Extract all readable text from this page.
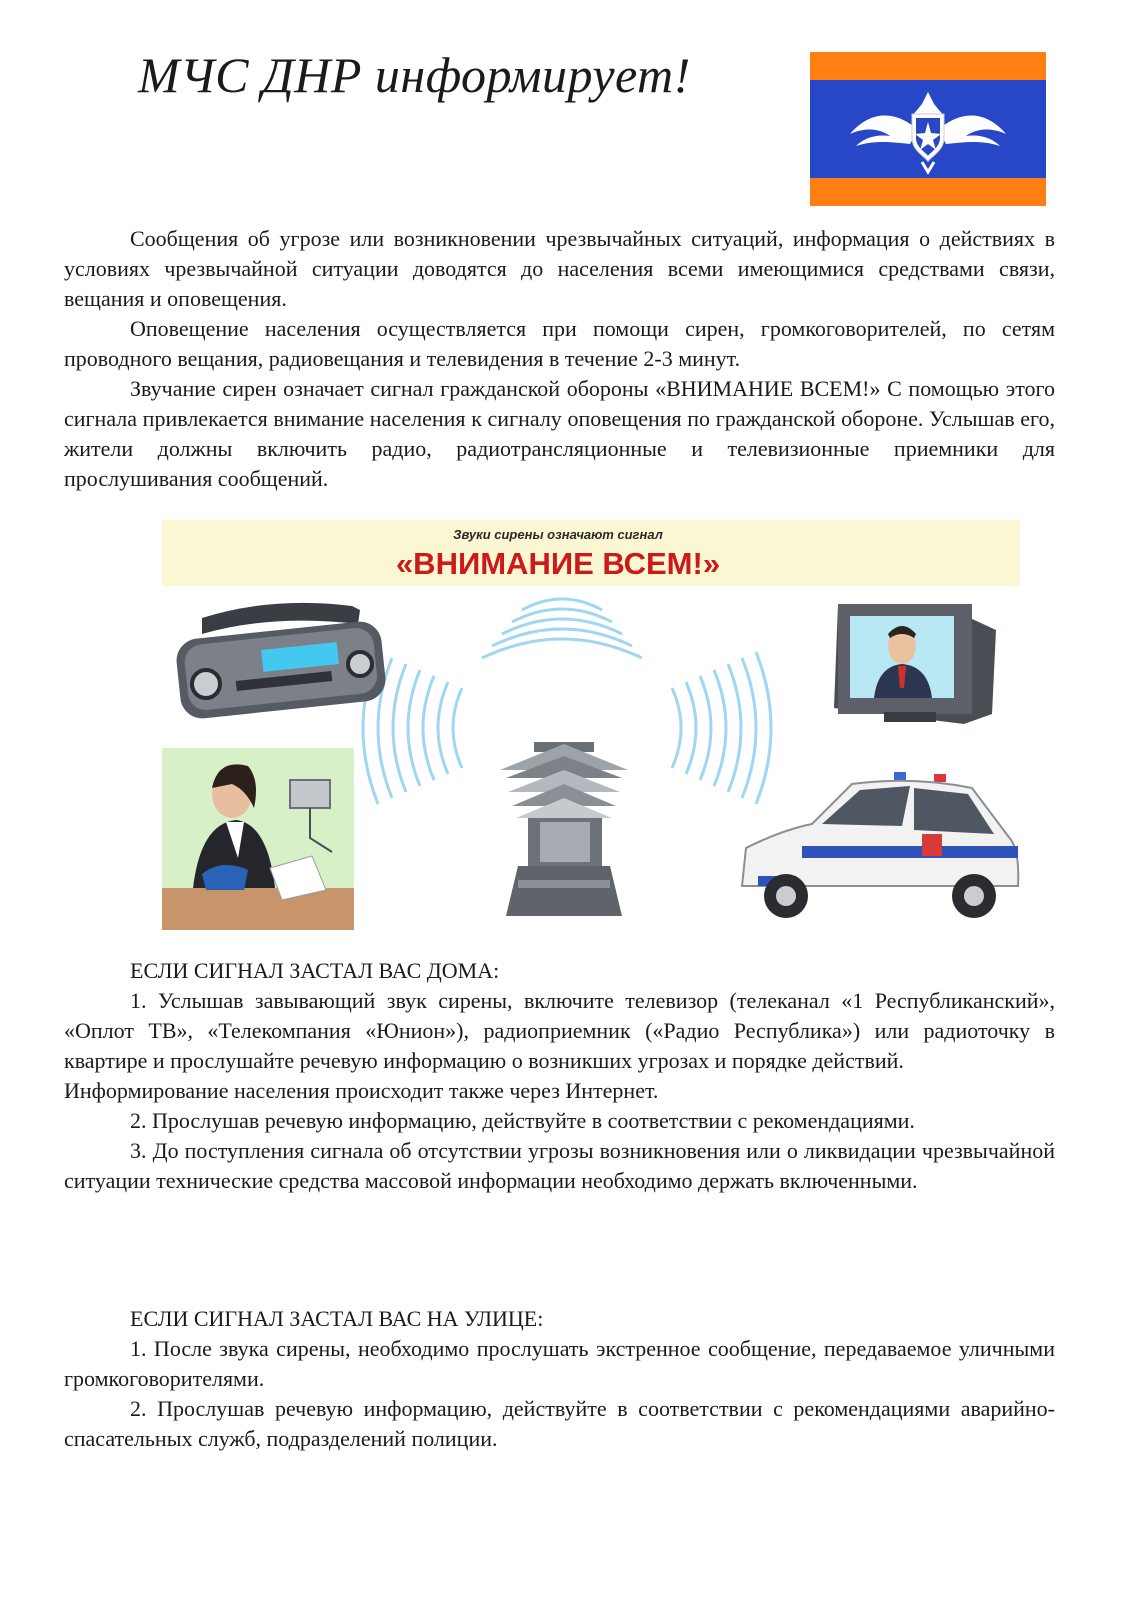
МЧС ДНР информирует!

Сообщения об угрозе или возникновении чрезвычайных ситуаций, информация о действиях в условиях чрезвычайной ситуации доводятся до населения всеми имеющимися средствами связи, вещания и оповещения.

Оповещение населения осуществляется при помощи сирен, громкоговорителей, по сетям проводного вещания, радиовещания и телевидения в течение 2-3 минут.

Звучание сирен означает сигнал гражданской обороны «ВНИМАНИЕ ВСЕМ!» С помощью этого сигнала привлекается внимание населения к сигналу оповещения по гражданской обороне. Услышав его, жители должны включить радио, радиотрансляционные и телевизионные приемники для прослушивания сообщений.

Звуки сирены означают сигнал
«ВНИМАНИЕ ВСЕМ!»

ЕСЛИ СИГНАЛ ЗАСТАЛ ВАС ДОМА:

1. Услышав завывающий звук сирены, включите телевизор (телеканал «1 Республиканский», «Оплот ТВ», «Телекомпания «Юнион»), радиоприемник («Радио Республика») или радиоточку в квартире и прослушайте речевую информацию о возникших угрозах и порядке действий.

Информирование населения происходит также через Интернет.

2. Прослушав речевую информацию, действуйте в соответствии с рекомендациями.

3. До поступления сигнала об отсутствии угрозы возникновения или о ликвидации чрезвычайной ситуации технические средства массовой информации необходимо держать включенными.

ЕСЛИ СИГНАЛ ЗАСТАЛ ВАС НА УЛИЦЕ:

1. После звука сирены, необходимо прослушать экстренное сообщение, передаваемое уличными громкоговорителями.

2. Прослушав речевую информацию, действуйте в соответствии с рекомендациями аварийно-спасательных служб, подразделений полиции.
